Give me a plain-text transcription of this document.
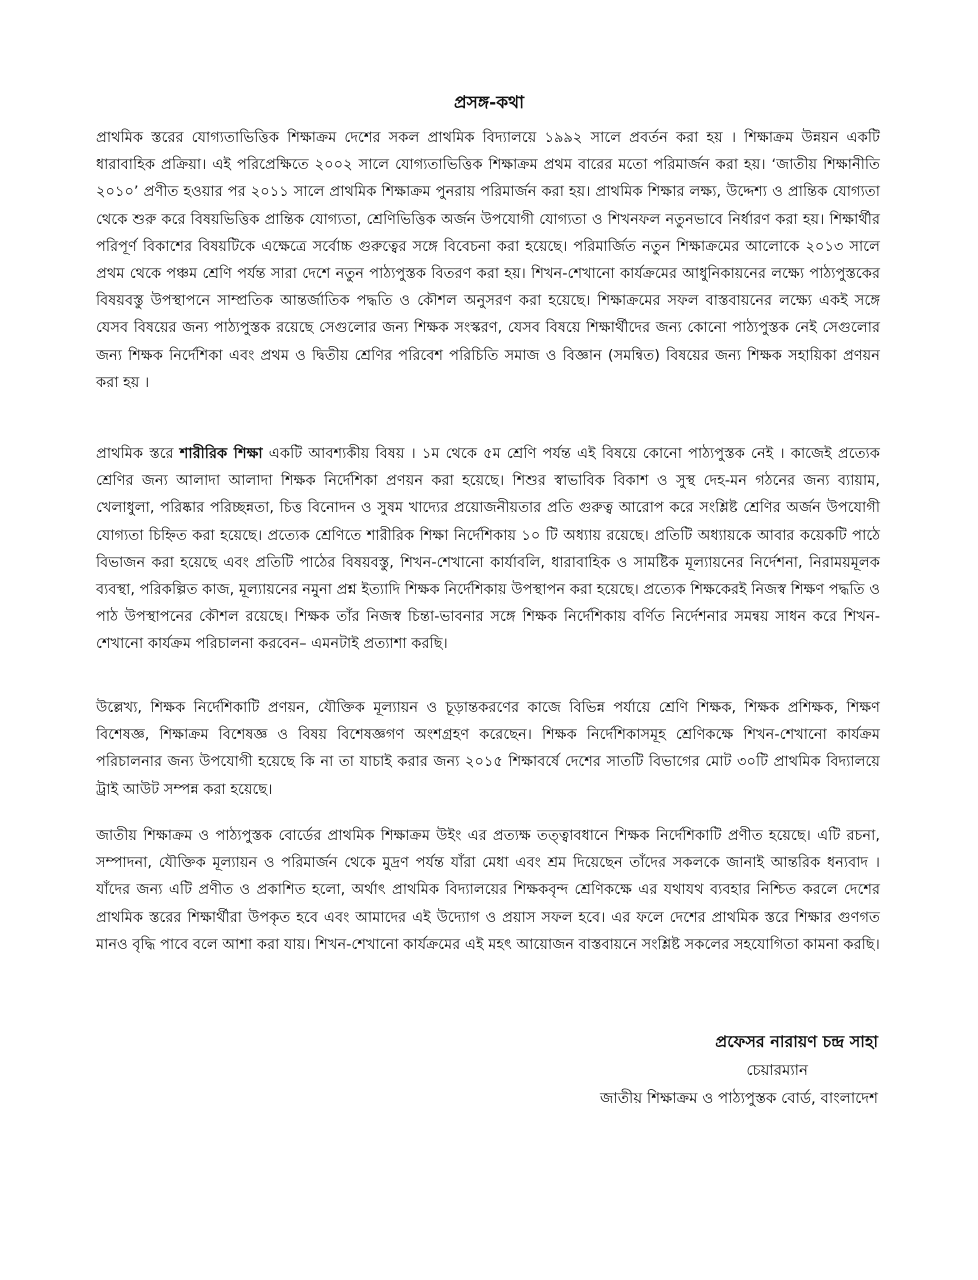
প্রসঙ্গ-কথা

প্রাথমিক স্তরের যোগ্যতাভিত্তিক শিক্ষাক্রম দেশের সকল প্রাথমিক বিদ্যালয়ে ১৯৯২ সালে প্রবর্তন করা হয় । শিক্ষাক্রম উন্নয়ন একটি ধারাবাহিক প্রক্রিয়া। এই পরিপ্রেক্ষিতে ২০০২ সালে যোগ্যতাভিত্তিক শিক্ষাক্রম প্রথম বারের মতো পরিমার্জন করা হয়। ‘জাতীয় শিক্ষানীতি ২০১০’ প্রণীত হওয়ার পর ২০১১ সালে প্রাথমিক শিক্ষাক্রম পুনরায় পরিমার্জন করা হয়। প্রাথমিক শিক্ষার লক্ষ্য, উদ্দেশ্য ও প্রান্তিক যোগ্যতা থেকে শুরু করে বিষয়ভিত্তিক প্রান্তিক যোগ্যতা, শ্রেণিভিত্তিক অর্জন উপযোগী যোগ্যতা ও শিখনফল নতুনভাবে নির্ধারণ করা হয়। শিক্ষার্থীর পরিপূর্ণ বিকাশের বিষয়টিকে এক্ষেত্রে সর্বোচ্চ গুরুত্বের সঙ্গে বিবেচনা করা হয়েছে। পরিমার্জিত নতুন শিক্ষাক্রমের আলোকে ২০১৩ সালে প্রথম থেকে পঞ্চম শ্রেণি পর্যন্ত সারা দেশে নতুন পাঠ্যপুস্তক বিতরণ করা হয়। শিখন-শেখানো কার্যক্রমের আধুনিকায়নের লক্ষ্যে পাঠ্যপুস্তকের বিষয়বস্তু উপস্থাপনে সাম্প্রতিক আন্তর্জাতিক পদ্ধতি ও কৌশল অনুসরণ করা হয়েছে। শিক্ষাক্রমের সফল বাস্তবায়নের লক্ষ্যে একই সঙ্গে যেসব বিষয়ের জন্য পাঠ্যপুস্তক রয়েছে সেগুলোর জন্য শিক্ষক সংস্করণ, যেসব বিষয়ে শিক্ষার্থীদের জন্য কোনো পাঠ্যপুস্তক নেই সেগুলোর জন্য শিক্ষক নির্দেশিকা এবং প্রথম ও দ্বিতীয় শ্রেণির পরিবেশ পরিচিতি সমাজ ও বিজ্ঞান (সমন্বিত) বিষয়ের জন্য শিক্ষক সহায়িকা প্রণয়ন করা হয় ।

প্রাথমিক স্তরে শারীরিক শিক্ষা একটি আবশ্যকীয় বিষয় । ১ম থেকে ৫ম শ্রেণি পর্যন্ত এই বিষয়ে কোনো পাঠ্যপুস্তক নেই । কাজেই প্রত্যেক শ্রেণির জন্য আলাদা আলাদা শিক্ষক নির্দেশিকা প্রণয়ন করা হয়েছে। শিশুর স্বাভাবিক বিকাশ ও সুস্থ দেহ-মন গঠনের জন্য ব্যায়াম, খেলাধুলা, পরিষ্কার পরিচ্ছন্নতা, চিত্ত বিনোদন ও সুষম খাদ্যের প্রয়োজনীয়তার প্রতি গুরুত্ব আরোপ করে সংশ্লিষ্ট শ্রেণির অর্জন উপযোগী যোগ্যতা চিহ্নিত করা হয়েছে। প্রত্যেক শ্রেণিতে শারীরিক শিক্ষা নির্দেশিকায় ১০ টি অধ্যায় রয়েছে। প্রতিটি অধ্যায়কে আবার কয়েকটি পাঠে বিভাজন করা হয়েছে এবং প্রতিটি পাঠের বিষয়বস্তু, শিখন-শেখানো কার্যাবলি, ধারাবাহিক ও সামষ্টিক মূল্যায়নের নির্দেশনা, নিরাময়মূলক ব্যবস্থা, পরিকল্পিত কাজ, মূল্যায়নের নমুনা প্রশ্ন ইত্যাদি শিক্ষক নির্দেশিকায় উপস্থাপন করা হয়েছে। প্রত্যেক শিক্ষকেরই নিজস্ব শিক্ষণ পদ্ধতি ও পাঠ উপস্থাপনের কৌশল রয়েছে। শিক্ষক তাঁর নিজস্ব চিন্তা-ভাবনার সঙ্গে শিক্ষক নির্দেশিকায় বর্ণিত নির্দেশনার সমন্বয় সাধন করে শিখন-শেখানো কার্যক্রম পরিচালনা করবেন– এমনটাই প্রত্যাশা করছি।

উল্লেখ্য, শিক্ষক নির্দেশিকাটি প্রণয়ন, যৌক্তিক মূল্যায়ন ও চূড়ান্তকরণের কাজে বিভিন্ন পর্যায়ে শ্রেণি শিক্ষক, শিক্ষক প্রশিক্ষক, শিক্ষণ বিশেষজ্ঞ, শিক্ষাক্রম বিশেষজ্ঞ ও বিষয় বিশেষজ্ঞগণ অংশগ্রহণ করেছেন। শিক্ষক নির্দেশিকাসমূহ শ্রেণিকক্ষে শিখন-শেখানো কার্যক্রম পরিচালনার জন্য উপযোগী হয়েছে কি না তা যাচাই করার জন্য ২০১৫ শিক্ষাবর্ষে দেশের সাতটি বিভাগের মোট ৩০টি প্রাথমিক বিদ্যালয়ে ট্রাই আউট সম্পন্ন করা হয়েছে।

জাতীয় শিক্ষাক্রম ও পাঠ্যপুস্তক বোর্ডের প্রাথমিক শিক্ষাক্রম উইং এর প্রত্যক্ষ তত্ত্বাবধানে শিক্ষক নির্দেশিকাটি প্রণীত হয়েছে। এটি রচনা, সম্পাদনা, যৌক্তিক মূল্যায়ন ও পরিমার্জন থেকে মুদ্রণ পর্যন্ত যাঁরা মেধা এবং শ্রম দিয়েছেন তাঁদের সকলকে জানাই আন্তরিক ধন্যবাদ । যাঁদের জন্য এটি প্রণীত ও প্রকাশিত হলো, অর্থাৎ প্রাথমিক বিদ্যালয়ের শিক্ষকবৃন্দ শ্রেণিকক্ষে এর যথাযথ ব্যবহার নিশ্চিত করলে দেশের প্রাথমিক স্তরের শিক্ষার্থীরা উপকৃত হবে এবং আমাদের এই উদ্যোগ ও প্রয়াস সফল হবে। এর ফলে দেশের প্রাথমিক স্তরে শিক্ষার গুণগত মানও বৃদ্ধি পাবে বলে আশা করা যায়। শিখন-শেখানো কার্যক্রমের এই মহৎ আয়োজন বাস্তবায়নে সংশ্লিষ্ট সকলের সহযোগিতা কামনা করছি।

প্রফেসর নারায়ণ চন্দ্র সাহা
চেয়ারম্যান
জাতীয় শিক্ষাক্রম ও পাঠ্যপুস্তক বোর্ড, বাংলাদেশ
